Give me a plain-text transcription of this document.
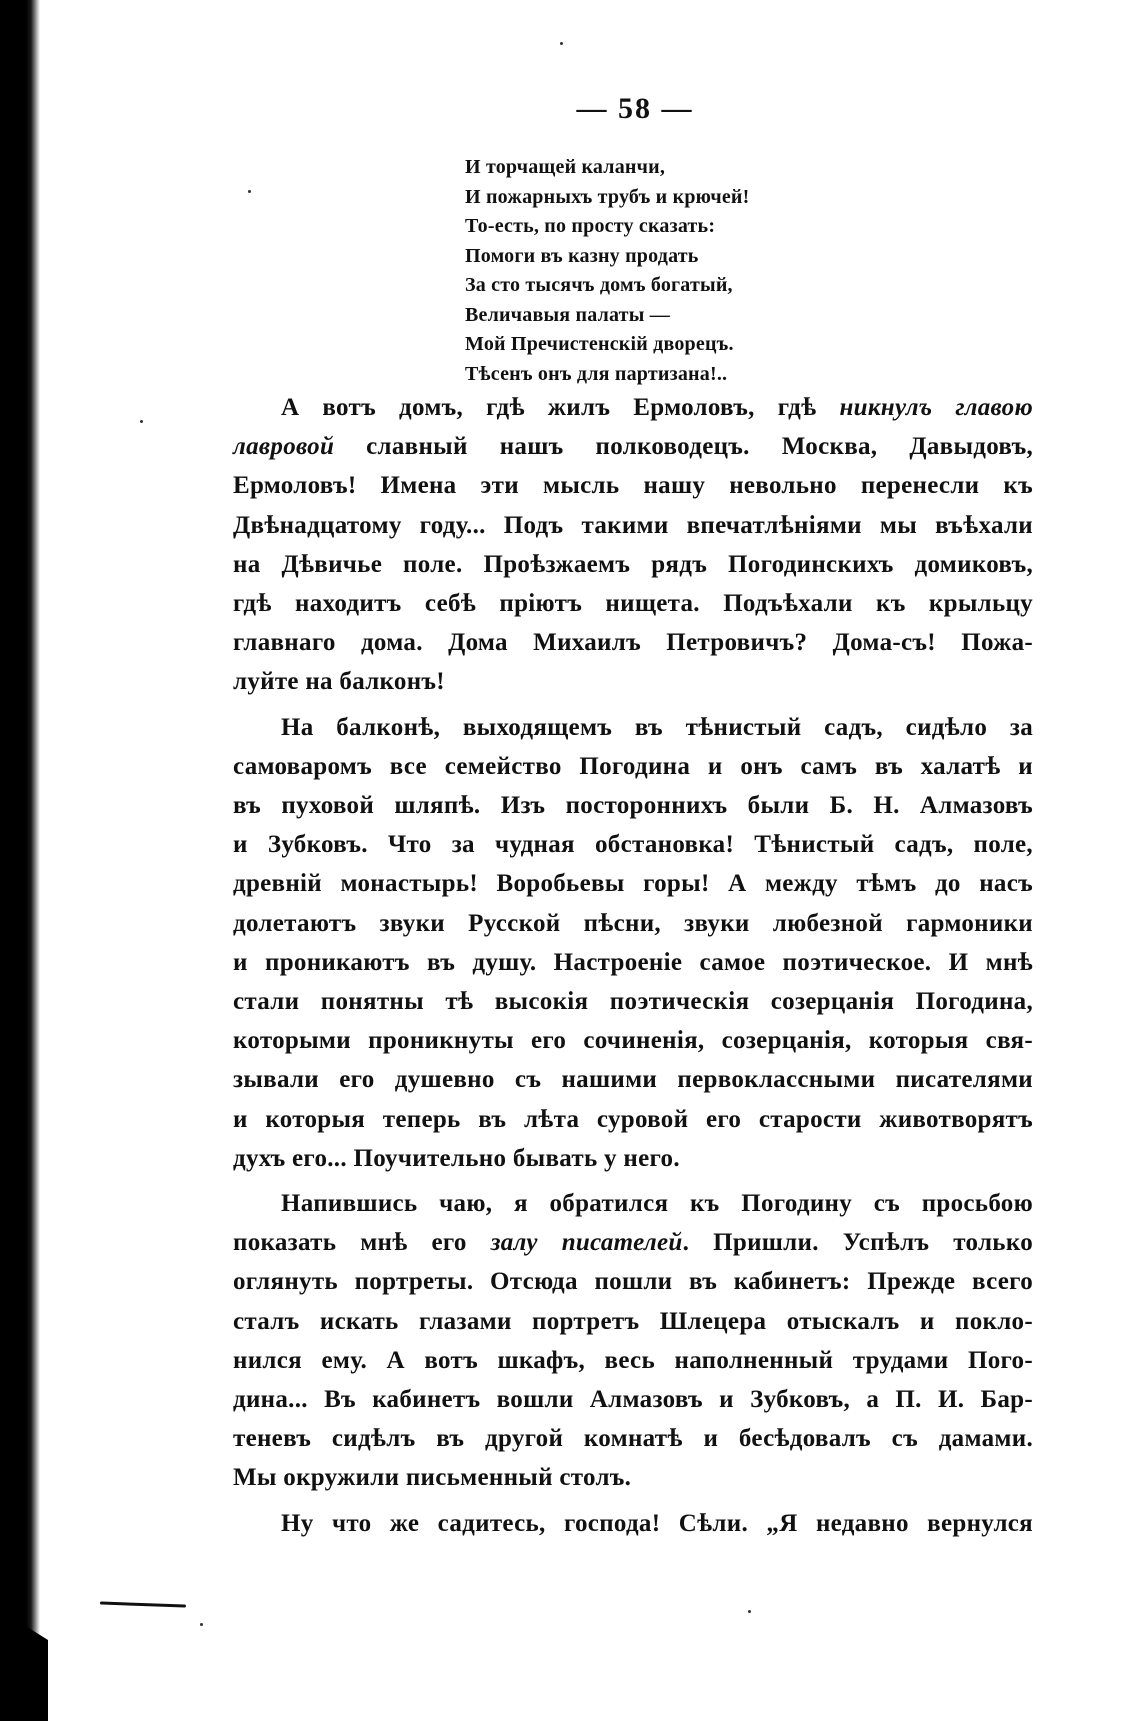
— 58 —
И торчащей каланчи,
И пожарныхъ трубъ и крючей!
То-есть, по просту сказать:
Помоги въ казну продать
За сто тысячъ домъ богатый,
Величавыя палаты —
Мой Пречистенскій дворецъ.
Тѣсенъ онъ для партизана!..
А вотъ домъ, гдѣ жилъ Ермоловъ, гдѣ никнулъ главою
лавровой славный нашъ полководецъ. Москва, Давыдовъ,
Ермоловъ! Имена эти мысль нашу невольно перенесли къ
Двѣнадцатому году... Подъ такими впечатлѣніями мы въѣхали
на Дѣвичье поле. Проѣзжаемъ рядъ Погодинскихъ домиковъ,
гдѣ находитъ себѣ пріютъ нищета. Подъѣхали къ крыльцу
главнаго дома. Дома Михаилъ Петровичъ? Дома-съ! Пожа-
луйте на балконъ!
На балконѣ, выходящемъ въ тѣнистый садъ, сидѣло за
самоваромъ все семейство Погодина и онъ самъ въ халатѣ и
въ пуховой шляпѣ. Изъ постороннихъ были Б. Н. Алмазовъ
и Зубковъ. Что за чудная обстановка! Тѣнистый садъ, поле,
древній монастырь! Воробьевы горы! А между тѣмъ до насъ
долетаютъ звуки Русской пѣсни, звуки любезной гармоники
и проникаютъ въ душу. Настроеніе самое поэтическое. И мнѣ
стали понятны тѣ высокія поэтическія созерцанія Погодина,
которыми проникнуты его сочиненія, созерцанія, которыя свя-
зывали его душевно съ нашими первоклассными писателями
и которыя теперь въ лѣта суровой его старости животворятъ
духъ его... Поучительно бывать у него.
Напившись чаю, я обратился къ Погодину съ просьбою
показать мнѣ его залу писателей. Пришли. Успѣлъ только
оглянуть портреты. Отсюда пошли въ кабинетъ: Прежде всего
сталъ искать глазами портретъ Шлецера отыскалъ и покло-
нился ему. А вотъ шкафъ, весь наполненный трудами Пого-
дина... Въ кабинетъ вошли Алмазовъ и Зубковъ, а П. И. Бар-
теневъ сидѣлъ въ другой комнатѣ и бесѣдовалъ съ дамами.
Мы окружили письменный столъ.
Ну что же садитесь, господа! Сѣли. „Я недавно вернулся
